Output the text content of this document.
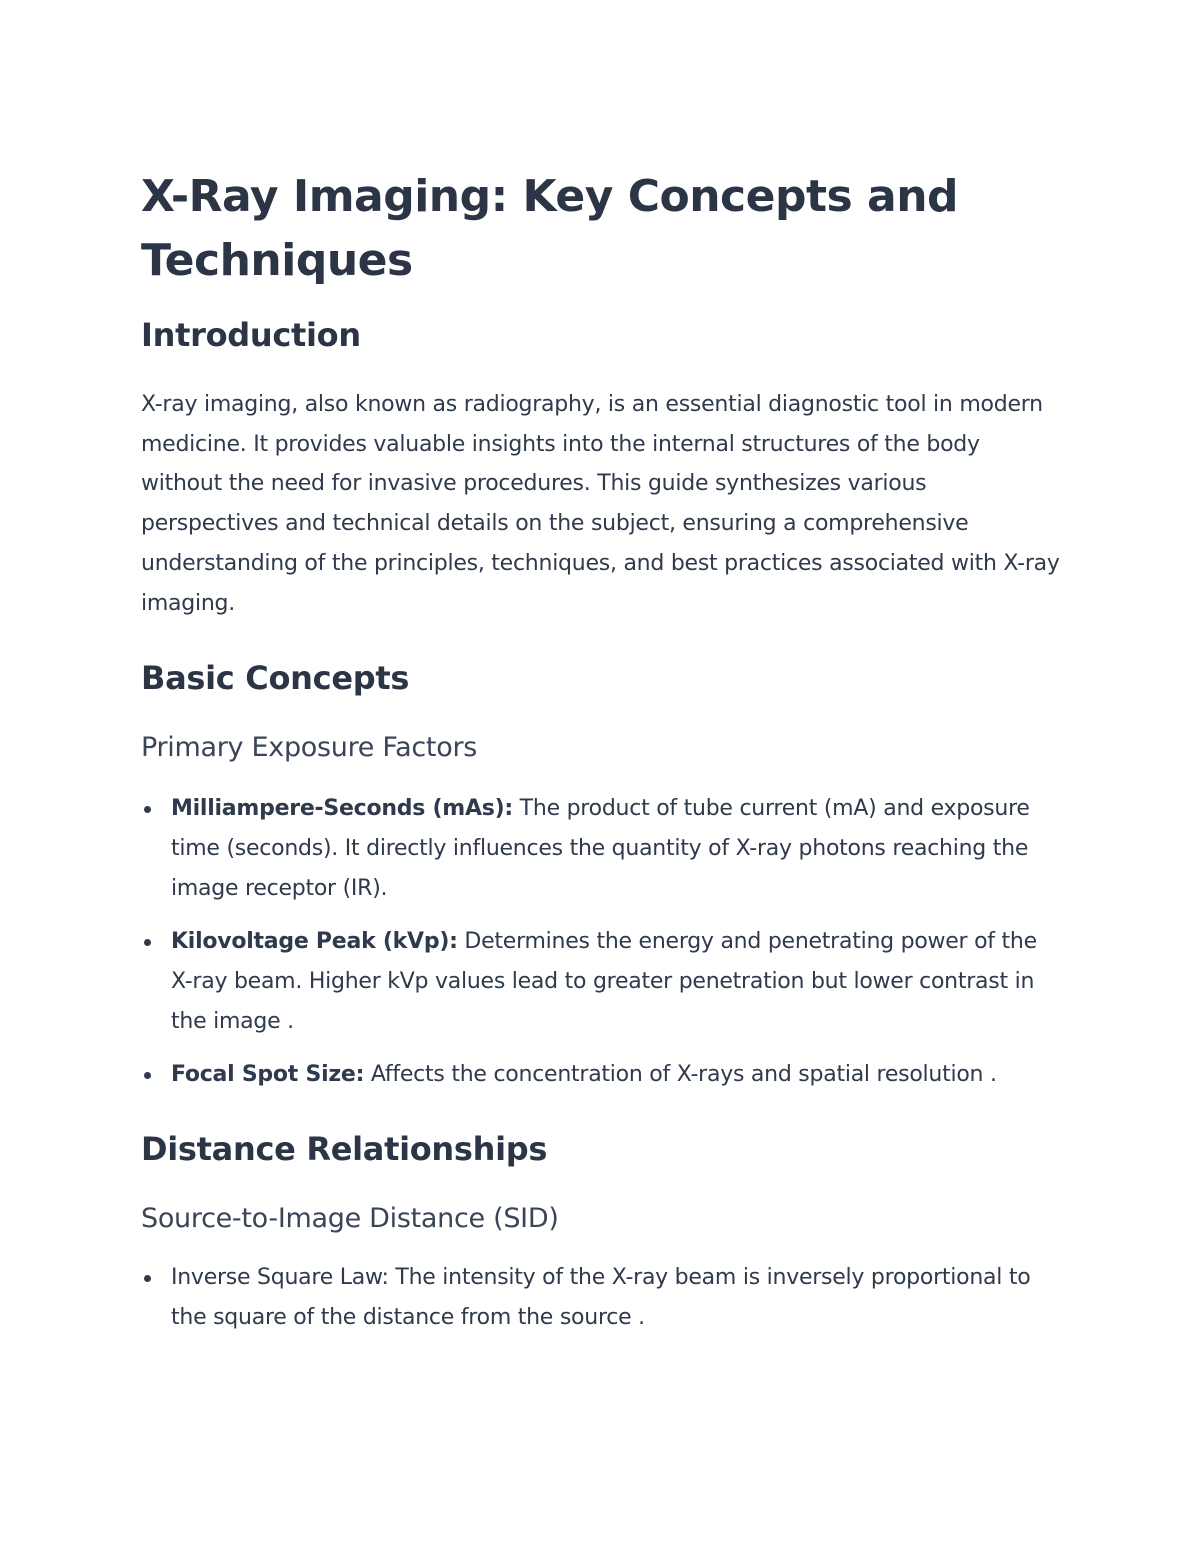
X-Ray Imaging: Key Concepts and Techniques
Introduction

X-ray imaging, also known as radiography, is an essential diagnostic tool in modern medicine. It provides valuable insights into the internal structures of the body without the need for invasive procedures. This guide synthesizes various perspectives and technical details on the subject, ensuring a comprehensive understanding of the principles, techniques, and best practices associated with X-ray imaging.

Basic Concepts
Primary Exposure Factors
Milliampere-Seconds (mAs): The product of tube current (mA) and exposure time (seconds). It directly influences the quantity of X-ray photons reaching the image receptor (IR).
Kilovoltage Peak (kVp): Determines the energy and penetrating power of the X-ray beam. Higher kVp values lead to greater penetration but lower contrast in the image .
Focal Spot Size: Affects the concentration of X-rays and spatial resolution .
Distance Relationships
Source-to-Image Distance (SID)
Inverse Square Law: The intensity of the X-ray beam is inversely proportional to the square of the distance from the source .
